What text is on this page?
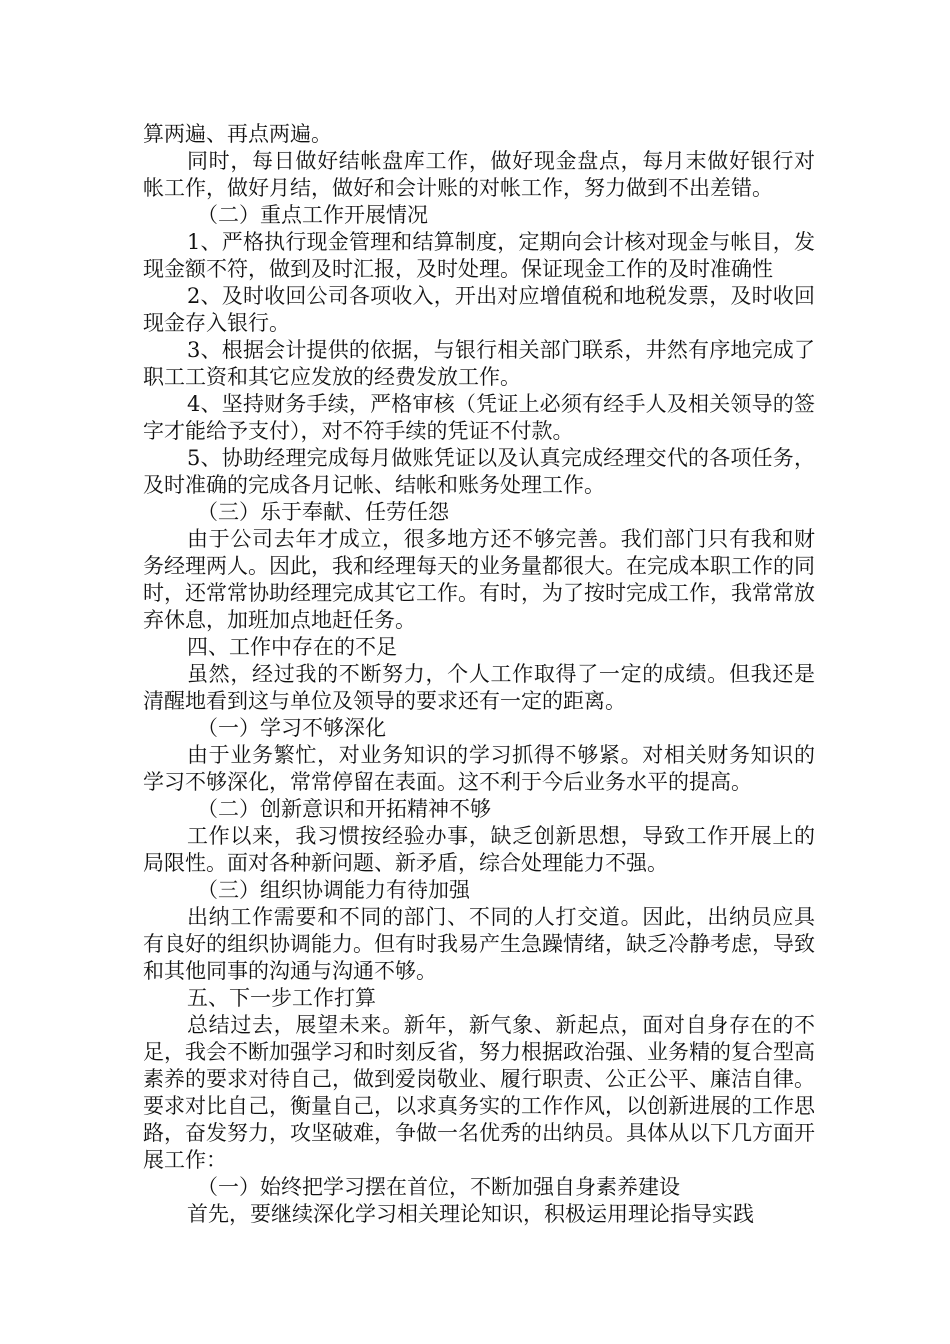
算两遍、再点两遍。

同时，每日做好结帐盘库工作，做好现金盘点，每月末做好银行对帐工作，做好月结，做好和会计账的对帐工作，努力做到不出差错。

（二）重点工作开展情况

1、严格执行现金管理和结算制度，定期向会计核对现金与帐目，发现金额不符，做到及时汇报，及时处理。保证现金工作的及时准确性

2、及时收回公司各项收入，开出对应增值税和地税发票，及时收回现金存入银行。

3、根据会计提供的依据，与银行相关部门联系，井然有序地完成了职工工资和其它应发放的经费发放工作。

4、坚持财务手续，严格审核（凭证上必须有经手人及相关领导的签字才能给予支付），对不符手续的凭证不付款。

5、协助经理完成每月做账凭证以及认真完成经理交代的各项任务，及时准确的完成各月记帐、结帐和账务处理工作。

（三）乐于奉献、任劳任怨

由于公司去年才成立，很多地方还不够完善。我们部门只有我和财务经理两人。因此，我和经理每天的业务量都很大。在完成本职工作的同时，还常常协助经理完成其它工作。有时，为了按时完成工作，我常常放弃休息，加班加点地赶任务。

四、工作中存在的不足

虽然，经过我的不断努力，个人工作取得了一定的成绩。但我还是清醒地看到这与单位及领导的要求还有一定的距离。

（一）学习不够深化

由于业务繁忙，对业务知识的学习抓得不够紧。对相关财务知识的学习不够深化，常常停留在表面。这不利于今后业务水平的提高。

（二）创新意识和开拓精神不够

工作以来，我习惯按经验办事，缺乏创新思想，导致工作开展上的局限性。面对各种新问题、新矛盾，综合处理能力不强。

（三）组织协调能力有待加强

出纳工作需要和不同的部门、不同的人打交道。因此，出纳员应具有良好的组织协调能力。但有时我易产生急躁情绪，缺乏冷静考虑，导致和其他同事的沟通与沟通不够。

五、下一步工作打算

总结过去，展望未来。新年，新气象、新起点，面对自身存在的不足，我会不断加强学习和时刻反省，努力根据政治强、业务精的复合型高素养的要求对待自己，做到爱岗敬业、履行职责、公正公平、廉洁自律。要求对比自己，衡量自己，以求真务实的工作作风，以创新进展的工作思路，奋发努力，攻坚破难，争做一名优秀的出纳员。具体从以下几方面开展工作：

（一）始终把学习摆在首位，不断加强自身素养建设

首先，要继续深化学习相关理论知识，积极运用理论指导实践
